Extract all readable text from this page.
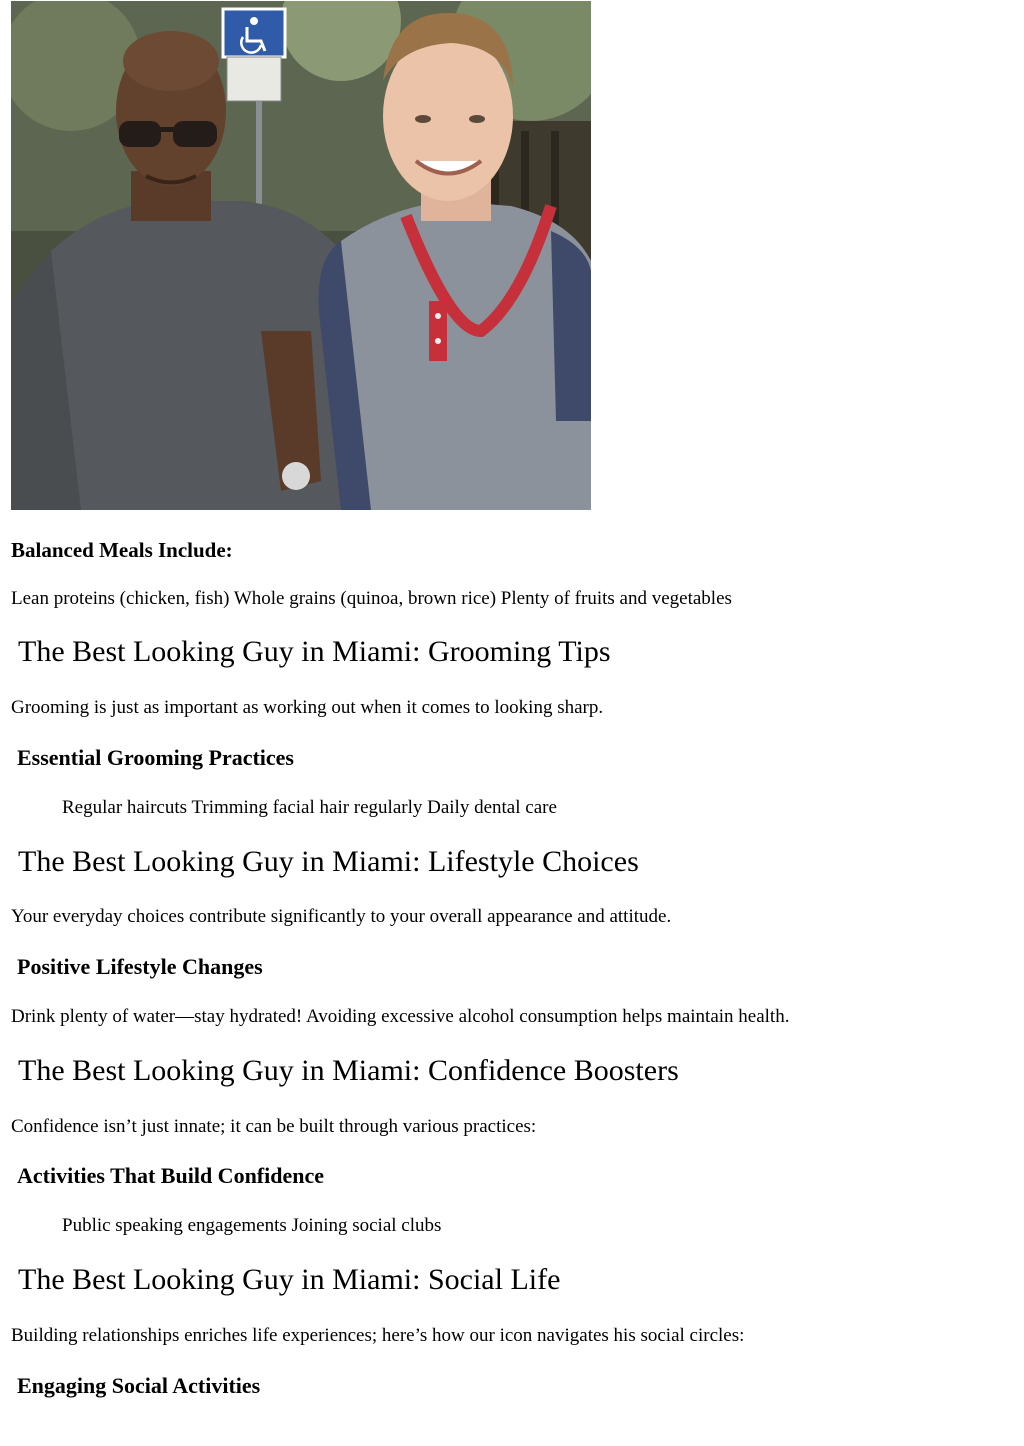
Balanced Meals Include:

Lean proteins (chicken, fish) Whole grains (quinoa, brown rice) Plenty of fruits and vegetables

The Best Looking Guy in Miami: Grooming Tips

Grooming is just as important as working out when it comes to looking sharp.

Essential Grooming Practices

Regular haircuts Trimming facial hair regularly Daily dental care

The Best Looking Guy in Miami: Lifestyle Choices

Your everyday choices contribute significantly to your overall appearance and attitude.

Positive Lifestyle Changes

Drink plenty of water—stay hydrated! Avoiding excessive alcohol consumption helps maintain health.

The Best Looking Guy in Miami: Confidence Boosters

Confidence isn’t just innate; it can be built through various practices:

Activities That Build Confidence

Public speaking engagements Joining social clubs

The Best Looking Guy in Miami: Social Life

Building relationships enriches life experiences; here’s how our icon navigates his social circles:

Engaging Social Activities
